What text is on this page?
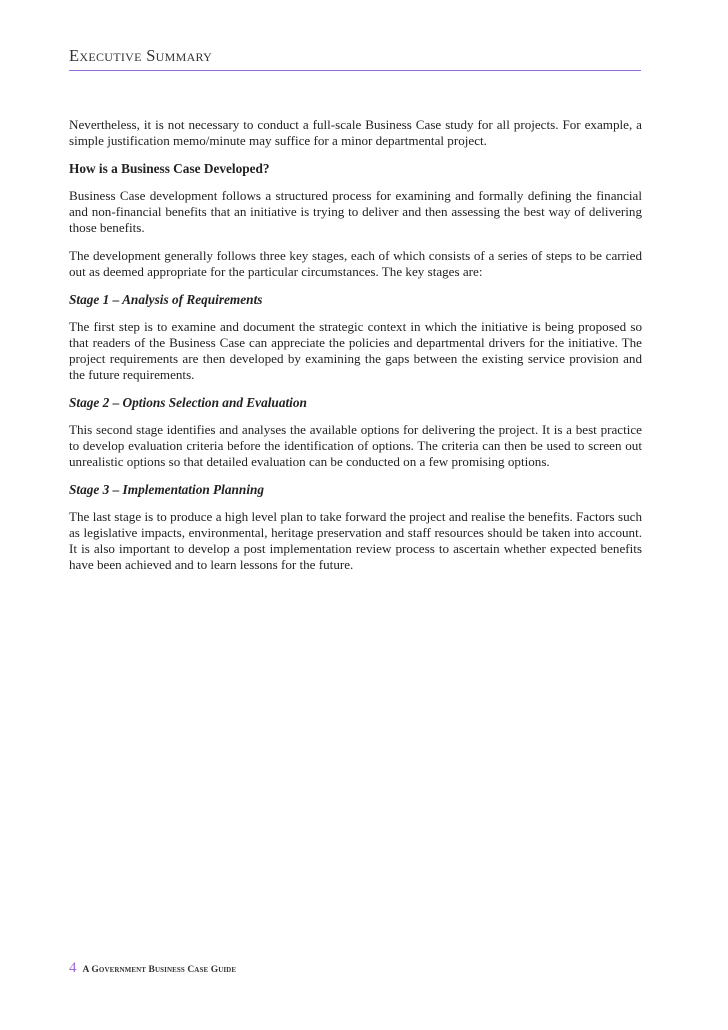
Executive Summary

Nevertheless, it is not necessary to conduct a full-scale Business Case study for all projects. For example, a simple justification memo/minute may suffice for a minor departmental project.

How is a Business Case Developed?

Business Case development follows a structured process for examining and formally defining the financial and non-financial benefits that an initiative is trying to deliver and then assessing the best way of delivering those benefits.

The development generally follows three key stages, each of which consists of a series of steps to be carried out as deemed appropriate for the particular circumstances. The key stages are:

Stage 1 – Analysis of Requirements

The first step is to examine and document the strategic context in which the initiative is being proposed so that readers of the Business Case can appreciate the policies and departmental drivers for the initiative. The project requirements are then developed by examining the gaps between the existing service provision and the future requirements.

Stage 2 – Options Selection and Evaluation

This second stage identifies and analyses the available options for delivering the project. It is a best practice to develop evaluation criteria before the identification of options. The criteria can then be used to screen out unrealistic options so that detailed evaluation can be conducted on a few promising options.

Stage 3 – Implementation Planning

The last stage is to produce a high level plan to take forward the project and realise the benefits. Factors such as legislative impacts, environmental, heritage preservation and staff resources should be taken into account. It is also important to develop a post implementation review process to ascertain whether expected benefits have been achieved and to learn lessons for the future.

4 A Government Business Case Guide
